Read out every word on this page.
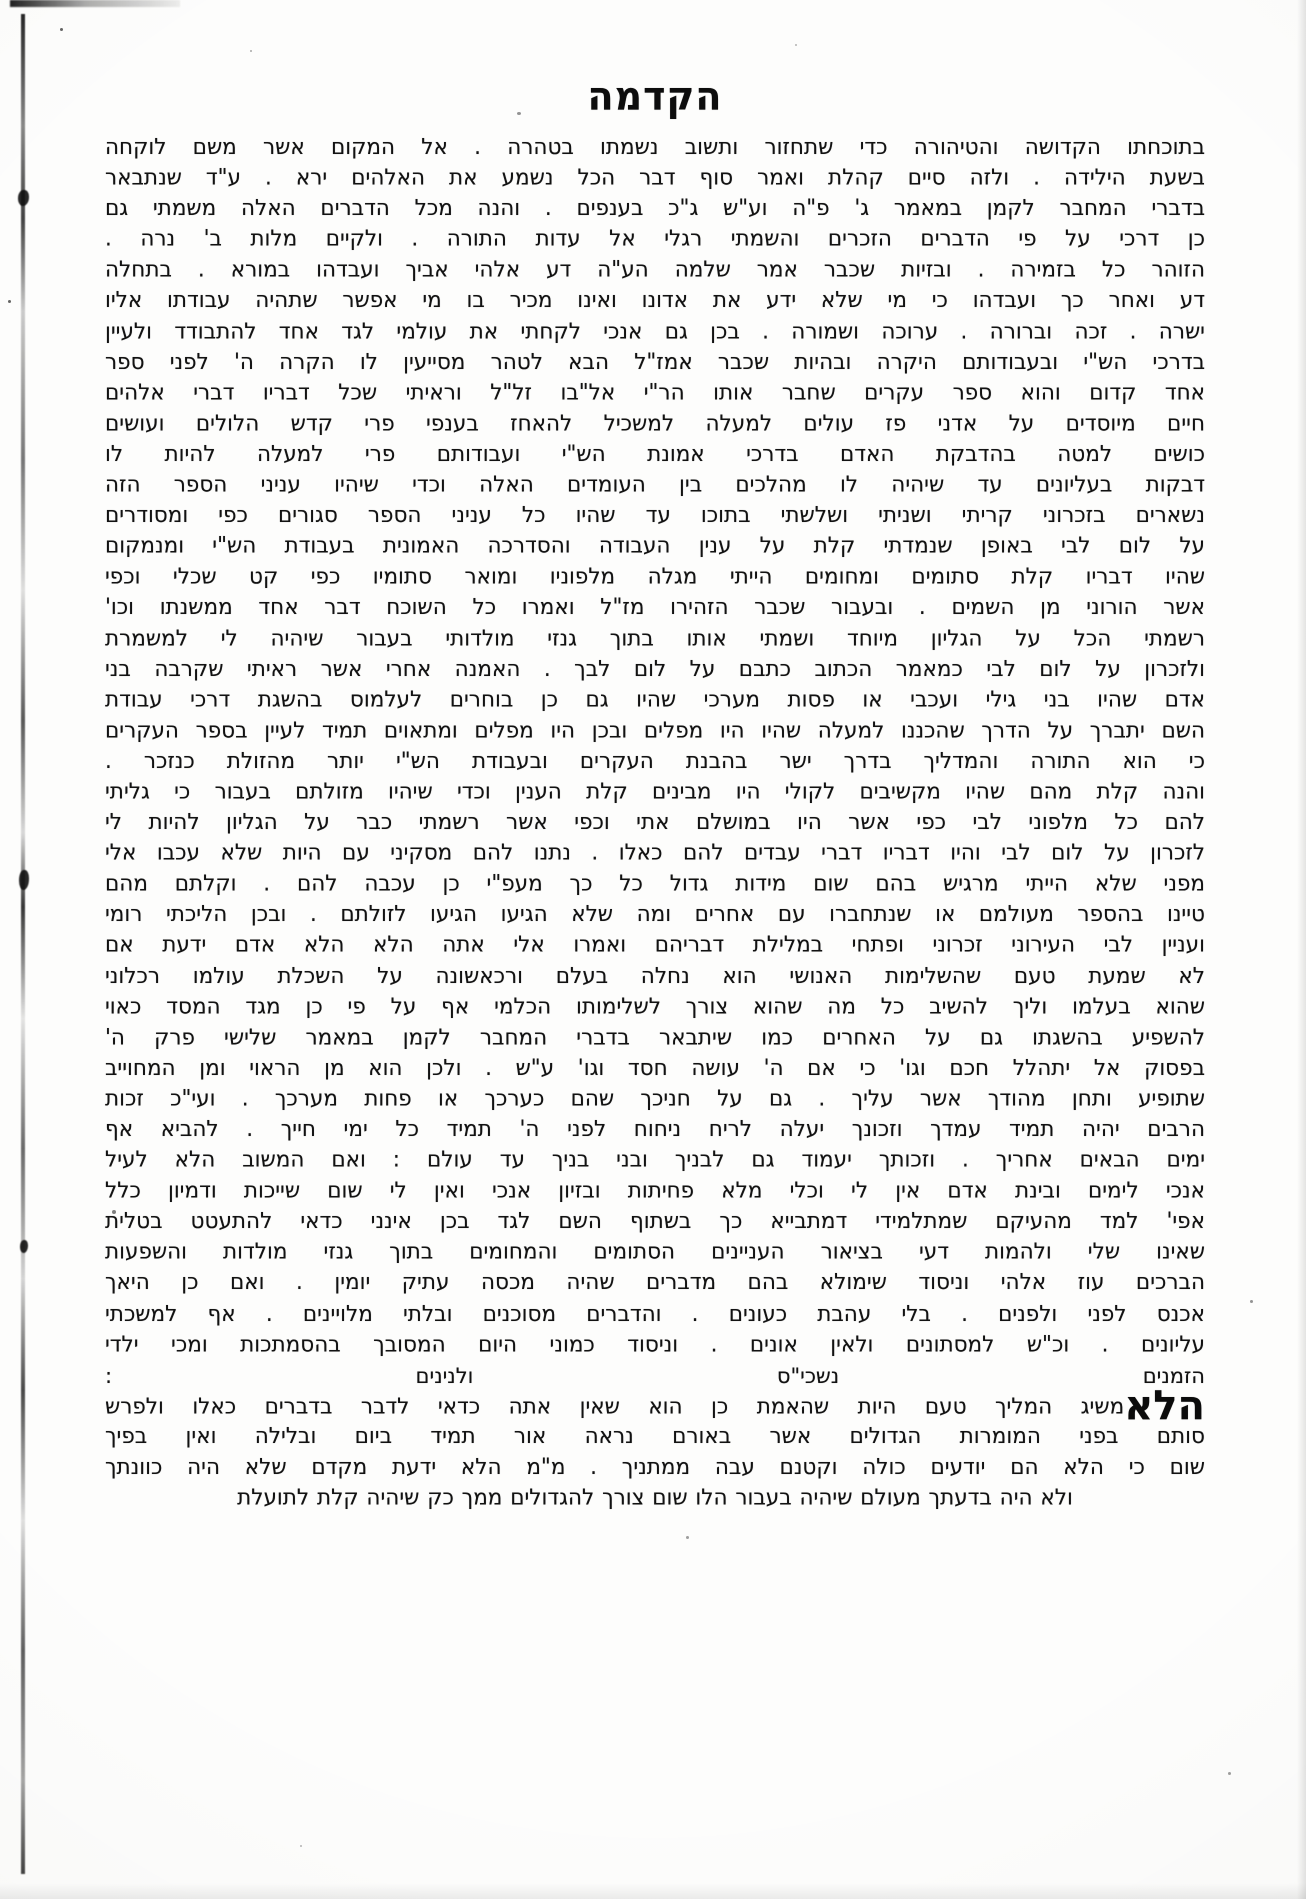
הקדמה

בתוכחתו הקדושה והטיהורה כדי שתחזור ותשוב נשמתו בטהרה . אל המקום אשר משם לוקחה
בשעת הילידה . ולזה סיים קהלת ואמר סוף דבר הכל נשמע את האלהים ירא . ע"ד שנתבאר
בדברי המחבר לקמן במאמר ג' פ"ה וע"ש ג"כ בענפים . והנה מכל הדברים האלה משמתי גם
כן דרכי על פי הדברים הזכרים והשמתי רגלי אל עדות התורה . ולקיים מלות ב' נרה .
הזוהר כל בזמירה . ובזיות שכבר אמר שלמה הע"ה דע אלהי אביך ועבדהו במורא . בתחלה
דע ואחר כך ועבדהו כי מי שלא ידע את אדונו ואינו מכיר בו מי אפשר שתהיה עבודתו אליו
ישרה . זכה וברורה . ערוכה ושמורה . בכן גם אנכי לקחתי את עולמי לגד אחד להתבודד ולעיין
בדרכי הש"י ובעבודותם היקרה ובהיות שכבר אמז"ל הבא לטהר מסייעין לו הקרה ה' לפני ספר
אחד קדום והוא ספר עקרים שחבר אותו הר"י אל"בו זל"ל וראיתי שכל דבריו דברי אלהים
חיים מיוסדים על אדני פז עולים למעלה למשכיל להאחז בענפי פרי קדש הלולים ועושים
כושים למטה בהדבקת האדם בדרכי אמונת הש"י ועבודותם פרי למעלה להיות לו
דבקות בעליונים עד שיהיה לו מהלכים בין העומדים האלה וכדי שיהיו עניני הספר הזה
נשארים בזכרוני קריתי ושניתי ושלשתי בתוכו עד שהיו כל עניני הספר סגורים כפי ומסודרים
על לום לבי באופן שנמדתי קלת על ענין העבודה והסדרכה האמונית בעבודת הש"י ומנמקום
שהיו דבריו קלת סתומים ומחומים הייתי מגלה מלפוניו ומואר סתומיו כפי קט שכלי וכפי
אשר הורוני מן השמים . ובעבור שכבר הזהירו מז"ל ואמרו כל השוכח דבר אחד ממשנתו וכו'
רשמתי הכל על הגליון מיוחד ושמתי אותו בתוך גנזי מולדותי בעבור שיהיה לי למשמרת
ולזכרון על לום לבי כמאמר הכתוב כתבם על לום לבך . האמנה אחרי אשר ראיתי שקרבה בני
אדם שהיו בני גילי ועכבי או פסות מערכי שהיו גם כן בוחרים לעלמוס בהשגת דרכי עבודת
השם יתברך על הדרך שהכננו למעלה שהיו היו מפלים ובכן היו מפלים ומתאוים תמיד לעיין בספר העקרים
כי הוא התורה והמדליך בדרך ישר בהבנת העקרים ובעבודת הש"י יותר מהזולת כנזכר .
והנה קלת מהם שהיו מקשיבים לקולי היו מבינים קלת הענין וכדי שיהיו מזולתם בעבור כי גליתי
להם כל מלפוני לבי כפי אשר היו במושלם אתי וכפי אשר רשמתי כבר על הגליון להיות לי
לזכרון על לום לבי והיו דבריו דברי עבדים להם כאלו . נתנו להם מסקיני עם היות שלא עכבו אלי
מפני שלא הייתי מרגיש בהם שום מידות גדול כל כך מעפ"י כן עכבה להם . וקלתם מהם
טיינו בהספר מעולמם או שנתחברו עם אחרים ומה שלא הגיעו הגיעו לזולתם . ובכן הליכתי רומי
ועניין לבי העירוני זכרוני ופתחי במלילת דבריהם ואמרו אלי אתה הלא הלא אדם ידעת אם
לא שמעת טעם שהשלימות האנושי הוא נחלה בעלם ורכאשונה על השכלת עולמו רכלוני
שהוא בעלמו וליך להשיב כל מה שהוא צורך לשלימותו הכלמי אף על פי כן מגד המסד כאוי
להשפיע בהשגתו גם על האחרים כמו שיתבאר בדברי המחבר לקמן במאמר שלישי פרק ה'
בפסוק אל יתהלל חכם וגו' כי אם ה' עושה חסד וגו' ע"ש . ולכן הוא מן הראוי ומן המחוייב
שתופיע ותחן מהודך אשר עליך . גם על חניכך שהם כערכך או פחות מערכך . ועי"כ זכות
הרבים יהיה תמיד עמדך וזכונך יעלה לריח ניחוח לפני ה' תמיד כל ימי חייך . להביא אף
ימים הבאים אחריך . וזכותך יעמוד גם לבניך ובני בניך עד עולם : ואם המשוב הלא לעיל
אנכי לימים ובינת אדם אין לי וכלי מלא פחיתות ובזיון אנכי ואין לי שום שייכות ודמיון כלל
אפי' למד מהעיקם שמתלמידי דמתבייא כך בשתוף השם לגד בכן אינני כדאי להתעטט בטלית
שאינו שלי ולהמות דעי בציאור העניינים הסתומים והמחומים בתוך גנזי מולדות והשפעות
הברכים עוז אלהי וניסוד שימולא בהם מדברים שהיה מכסה עתיק יומין . ואם כן היאך
אכנס לפני ולפנים . בלי עהבת כעונים . והדברים מסוכנים ובלתי מלויינים . אף למשכתי
עליונים . וכ"ש למסתונים ולאין אונים . וניסוד כמוני היום המסובך בהסמתכות ומכי ילדי

הזמנים נשכי"ס ולנינים :

הלאמשיג המליך טעם היות שהאמת כן הוא שאין אתה כדאי לדבר בדברים כאלו ולפרש
סותם בפני המומרות הגדולים אשר באורם נראה אור תמיד ביום ובלילה ואין בפיך
שום כי הלא הם יודעים כולה וקטנם עבה ממתניך . מ"מ הלא ידעת מקדם שלא היה כוונתך
ולא היה בדעתך מעולם שיהיה בעבור הלו שום צורך להגדולים ממך כק שיהיה קלת לתועלת
